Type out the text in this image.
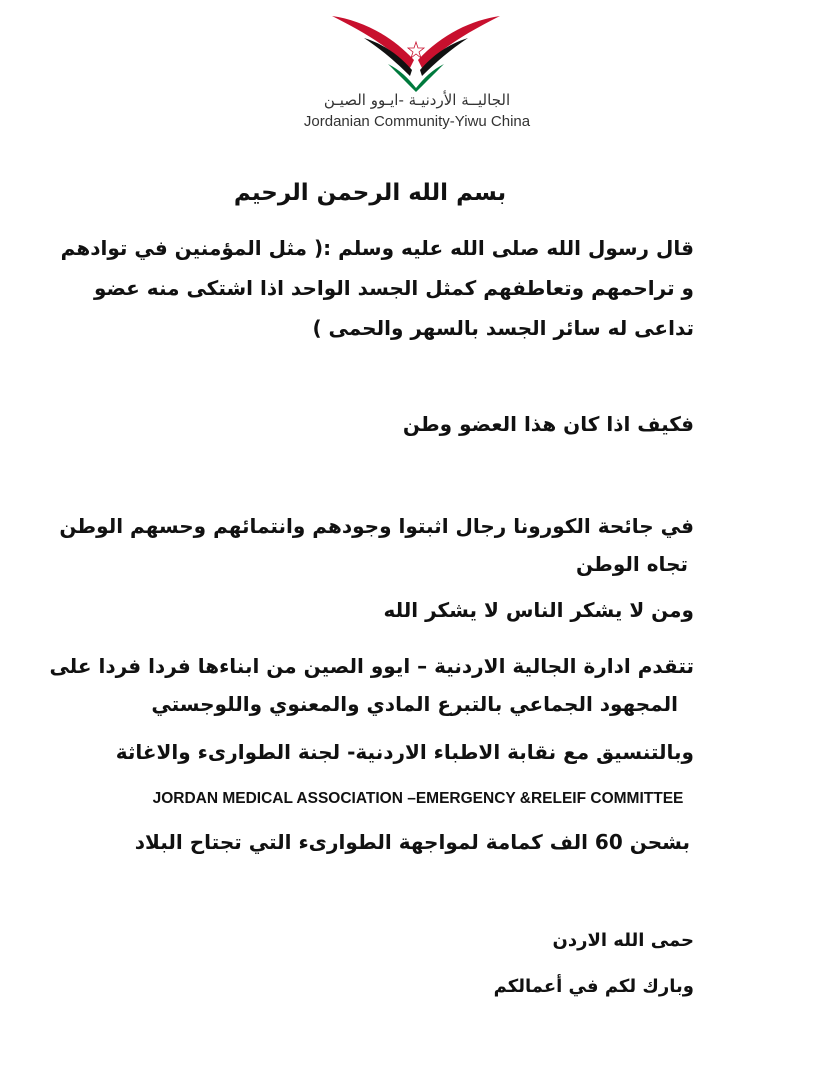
الجاليــة الأردنيـة -ايـوو الصيـن
Jordanian Community-Yiwu China
بسم الله الرحمن الرحيم
قال رسول الله صلى الله عليه وسلم :( مثل المؤمنين في توادهم
و تراحمهم وتعاطفهم كمثل الجسد الواحد اذا اشتكى منه عضو
تداعى له سائر الجسد بالسهر والحمى )
فكيف اذا كان هذا العضو وطن
في جائحة الكورونا رجال اثبتوا وجودهم وانتمائهم وحسهم الوطن
تجاه الوطن
ومن لا يشكر الناس لا يشكر الله
تتقدم ادارة الجالية الاردنية – ايوو الصين من ابناءها فردا فردا على
المجهود الجماعي بالتبرع المادي والمعنوي واللوجستي
وبالتنسيق مع نقابة الاطباء الاردنية- لجنة الطوارىء والاغاثة
JORDAN MEDICAL ASSOCIATION –EMERGENCY &RELEIF COMMITTEE
بشحن 60 الف كمامة لمواجهة الطوارىء التي تجتاح البلاد
حمى الله الاردن
وبارك لكم في أعمالكم
